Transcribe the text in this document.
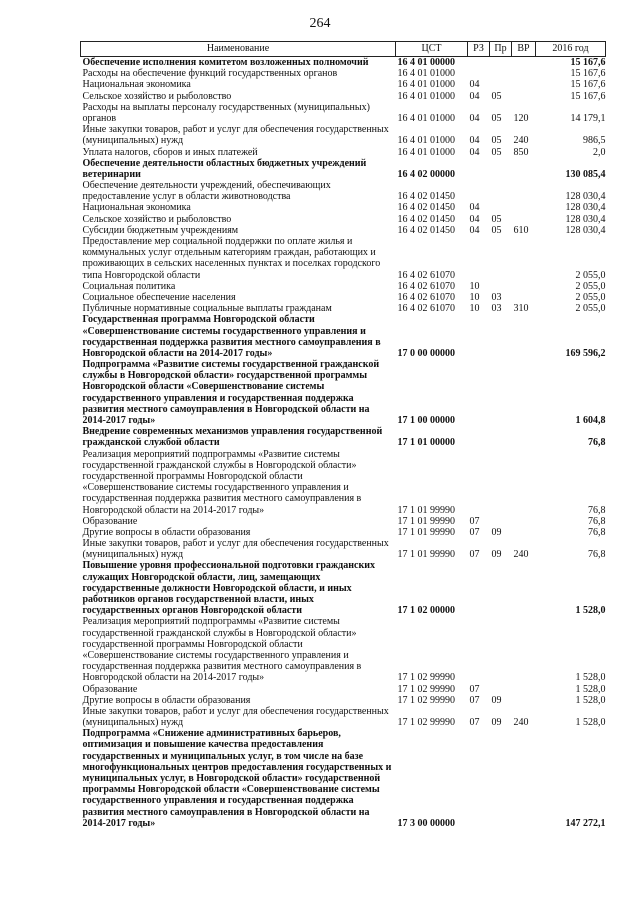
264
Наименование	ЦСТ	РЗ	Пр	ВР	2016 год
Обеспечение исполнения комитетом возложенных полномочий	16 4 01 00000				15 167,6
Расходы на обеспечение функций государственных органов	16 4 01 01000				15 167,6
Национальная экономика	16 4 01 01000	04			15 167,6
Сельское хозяйство и рыболовство	16 4 01 01000	04	05		15 167,6
Расходы на выплаты персоналу государственных (муниципальных) органов	16 4 01 01000	04	05	120	14 179,1
Иные закупки товаров, работ и услуг для обеспечения государственных (муниципальных) нужд	16 4 01 01000	04	05	240	986,5
Уплата налогов, сборов и иных платежей	16 4 01 01000	04	05	850	2,0
Обеспечение деятельности областных бюджетных учреждений ветеринарии	16 4 02 00000				130 085,4
Обеспечение деятельности учреждений, обеспечивающих предоставление услуг в области животноводства	16 4 02 01450				128 030,4
Национальная экономика	16 4 02 01450	04			128 030,4
Сельское хозяйство и рыболовство	16 4 02 01450	04	05		128 030,4
Субсидии бюджетным учреждениям	16 4 02 01450	04	05	610	128 030,4
Предоставление мер социальной поддержки по оплате жилья и коммунальных услуг отдельным категориям граждан, работающих и проживающих в сельских населенных пунктах и поселках городского типа Новгородской области	16 4 02 61070				2 055,0
Социальная политика	16 4 02 61070	10			2 055,0
Социальное обеспечение населения	16 4 02 61070	10	03		2 055,0
Публичные нормативные социальные выплаты гражданам	16 4 02 61070	10	03	310	2 055,0
Государственная программа Новгородской области «Совершенствование системы государственного управления и государственная поддержка развития местного самоуправления в Новгородской области на 2014-2017 годы»	17 0 00 00000				169 596,2
Подпрограмма «Развитие системы государственной гражданской службы в Новгородской области» государственной программы Новгородской области «Совершенствование системы государственного управления и государственная поддержка развития местного самоуправления в Новгородской области на 2014-2017 годы»	17 1 00 00000				1 604,8
Внедрение современных механизмов управления государственной гражданской службой области	17 1 01 00000				76,8
Реализация мероприятий подпрограммы «Развитие системы государственной гражданской службы в Новгородской области» государственной программы Новгородской области «Совершенствование системы государственного управления и государственная поддержка развития местного самоуправления в Новгородской области на 2014-2017 годы»	17 1 01 99990				76,8
Образование	17 1 01 99990	07			76,8
Другие вопросы в области образования	17 1 01 99990	07	09		76,8
Иные закупки товаров, работ и услуг для обеспечения государственных (муниципальных) нужд	17 1 01 99990	07	09	240	76,8
Повышение уровня профессиональной подготовки гражданских служащих Новгородской области, лиц, замещающих государственные должности Новгородской области, и иных работников органов государственной власти, иных государственных органов Новгородской области	17 1 02 00000				1 528,0
Реализация мероприятий подпрограммы «Развитие системы государственной гражданской службы в Новгородской области» государственной программы Новгородской области «Совершенствование системы государственного управления и государственная поддержка развития местного самоуправления в Новгородской области на 2014-2017 годы»	17 1 02 99990				1 528,0
Образование	17 1 02 99990	07			1 528,0
Другие вопросы в области образования	17 1 02 99990	07	09		1 528,0
Иные закупки товаров, работ и услуг для обеспечения государственных (муниципальных) нужд	17 1 02 99990	07	09	240	1 528,0
Подпрограмма «Снижение административных барьеров, оптимизация и повышение качества предоставления государственных и муниципальных услуг, в том числе на базе многофункциональных центров предоставления государственных и муниципальных услуг, в Новгородской области» государственной программы Новгородской области «Совершенствование системы государственного управления и государственная поддержка развития местного самоуправления в Новгородской области на 2014-2017 годы»	17 3 00 00000				147 272,1
